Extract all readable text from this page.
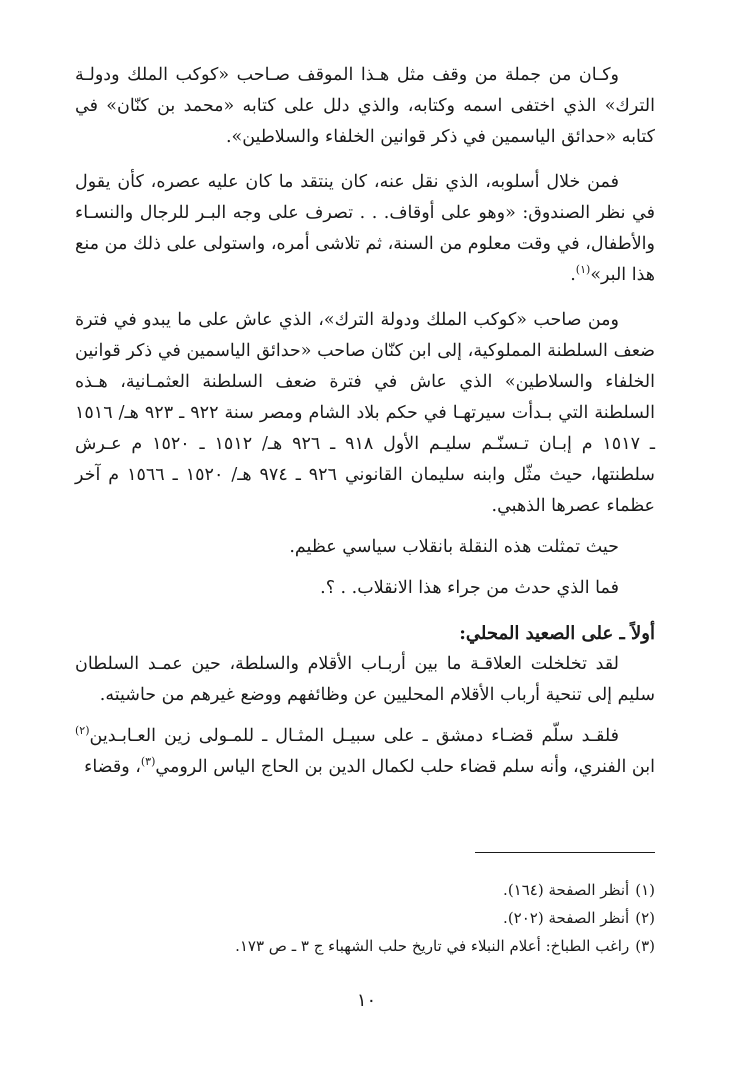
وكـان من جملة من وقف مثل هـذا الموقف صـاحب «كوكب الملك ودولـة الترك» الذي اختفى اسمه وكتابه، والذي دلل على كتابه «محمد بن كنّان» في كتابه «حدائق الياسمين في ذكر قوانين الخلفاء والسلاطين».

فمن خلال أسلوبه، الذي نقل عنه، كان ينتقد ما كان عليه عصره، كأن يقول في نظر الصندوق: «وهو على أوقاف. . . تصرف على وجه البـر للرجال والنسـاء والأطفال، في وقت معلوم من السنة، ثم تلاشى أمره، واستولى على ذلك من منع هذا البر»$^{(١)}$.

ومن صاحب «كوكب الملك ودولة الترك»، الذي عاش على ما يبدو في فترة ضعف السلطنة المملوكية، إلى ابن كنّان صاحب «حدائق الياسمين في ذكر قوانين الخلفاء والسلاطين» الذي عاش في فترة ضعف السلطنة العثمـانية، هـذه السلطنة التي بـدأت سيرتهـا في حكم بلاد الشام ومصر سنة ٩٢٢ ـ ٩٢٣ هـ/ ١٥١٦ ـ ١٥١٧ م إبـان تـسنّـم سليـم الأول ٩١٨ ـ ٩٢٦ هـ/ ١٥١٢ ـ ١٥٢٠ م عـرش سلطنتها، حيث مثّل وابنه سليمان القانوني ٩٢٦ ـ ٩٧٤ هـ/ ١٥٢٠ ـ ١٥٦٦ م آخر عظماء عصرها الذهبي.

حيث تمثلت هذه النقلة بانقلاب سياسي عظيم.

فما الذي حدث من جراء هذا الانقلاب. . ؟.

أولاً ـ على الصعيد المحلي:

لقد تخلخلت العلاقـة ما بين أربـاب الأقلام والسلطة، حين عمـد السلطان سليم إلى تنحية أرباب الأقلام المحليين عن وظائفهم ووضع غيرهم من حاشيته.

فلقـد سلّم قضـاء دمشق ـ على سبيـل المثـال ـ للمـولى زين العـابـدين$^{(٢)}$ ابن الفنري، وأنه سلم قضاء حلب لكمال الدين بن الحاج الياس الرومي$^{(٣)}$، وقضاء

(١)أنظر الصفحة (١٦٤).

(٢)أنظر الصفحة (٢٠٢).

(٣)راغب الطباخ: أعلام النبلاء في تاريخ حلب الشهباء ج ٣ ـ ص ١٧٣.

١٠
